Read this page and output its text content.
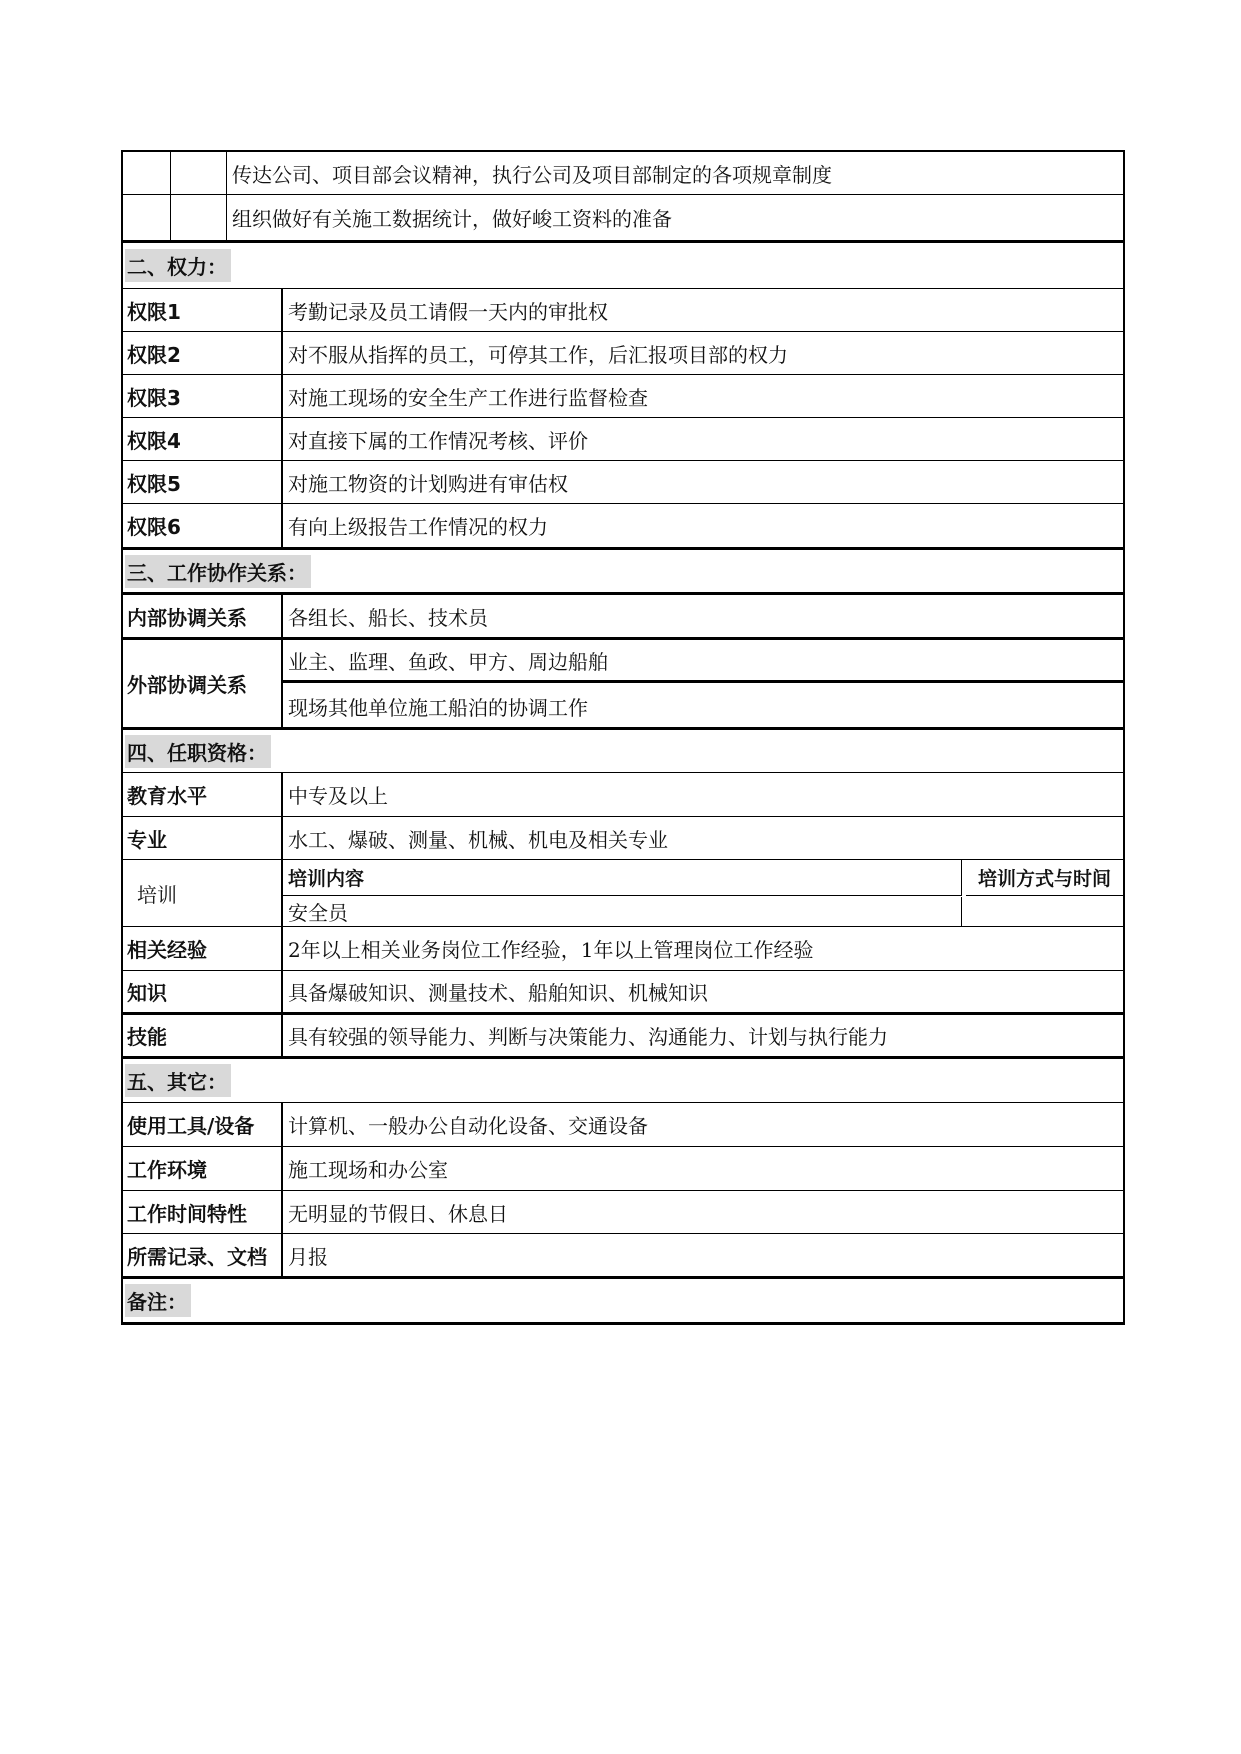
传达公司、项目部会议精神，执行公司及项目部制定的各项规章制度
组织做好有关施工数据统计，做好峻工资料的准备
二、权力：
权限1	考勤记录及员工请假一天内的审批权
权限2	对不服从指挥的员工，可停其工作，后汇报项目部的权力
权限3	对施工现场的安全生产工作进行监督检查
权限4	对直接下属的工作情况考核、评价
权限5	对施工物资的计划购进有审估权
权限6	有向上级报告工作情况的权力
三、工作协作关系：
内部协调关系	各组长、船长、技术员
外部协调关系
业主、监理、鱼政、甲方、周边船舶
现场其他单位施工船泊的协调工作
四、任职资格：
教育水平	中专及以上
专业	水工、爆破、测量、机械、机电及相关专业
培训
培训内容	培训方式与时间
安全员
相关经验	2年以上相关业务岗位工作经验，1年以上管理岗位工作经验
知识	具备爆破知识、测量技术、船舶知识、机械知识
技能	具有较强的领导能力、判断与决策能力、沟通能力、计划与执行能力
五、其它：
使用工具/设备	计算机、一般办公自动化设备、交通设备
工作环境	施工现场和办公室
工作时间特性	无明显的节假日、休息日
所需记录、文档	月报
备注：
